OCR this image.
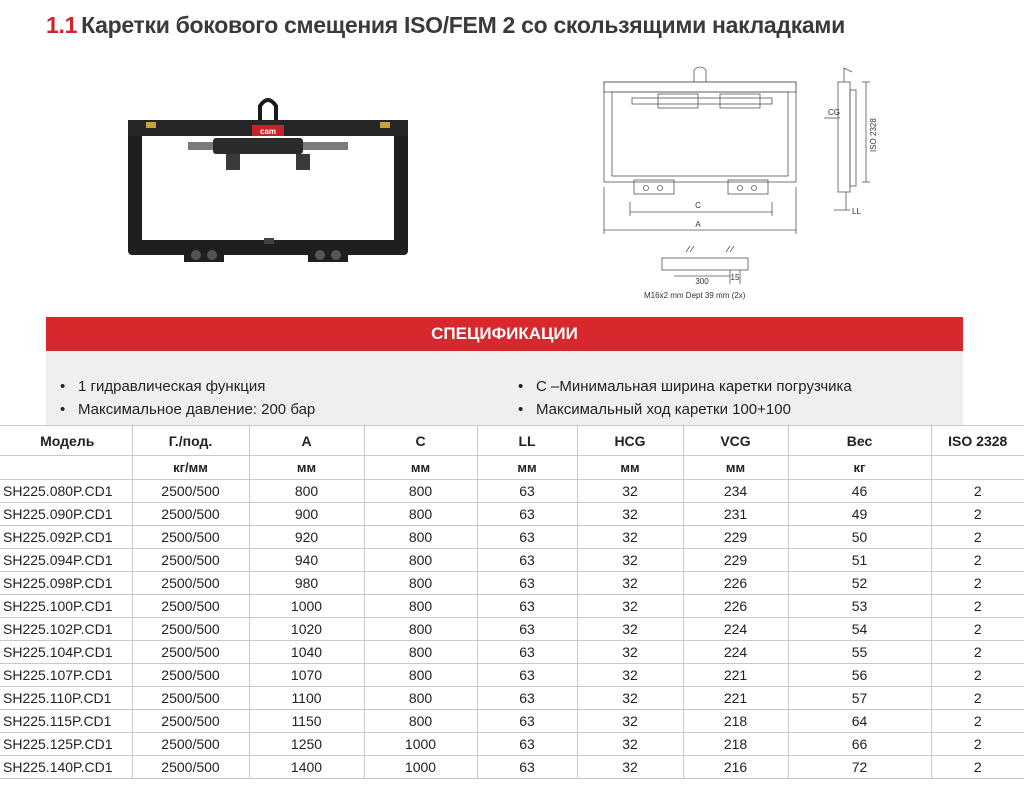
1.1 Каретки бокового смещения ISO/FEM 2 со скользящими накладками
cam
C
A
CG
ISO 2328
LL
300	15
M16x2 mm Dept 39 mm (2x)
СПЕЦИФИКАЦИИ
• 1 гидравлическая функция
• Максимальное давление: 200 бар
• C –Минимальная ширина каретки погрузчика
• Максимальный ход каретки 100+100
Модель	Г./под.	A	C	LL	HCG	VCG	Вес	ISO 2328
	кг/мм	мм	мм	мм	мм	мм	кг	
SH225.080P.CD1	2500/500	800	800	63	32	234	46	2
SH225.090P.CD1	2500/500	900	800	63	32	231	49	2
SH225.092P.CD1	2500/500	920	800	63	32	229	50	2
SH225.094P.CD1	2500/500	940	800	63	32	229	51	2
SH225.098P.CD1	2500/500	980	800	63	32	226	52	2
SH225.100P.CD1	2500/500	1000	800	63	32	226	53	2
SH225.102P.CD1	2500/500	1020	800	63	32	224	54	2
SH225.104P.CD1	2500/500	1040	800	63	32	224	55	2
SH225.107P.CD1	2500/500	1070	800	63	32	221	56	2
SH225.110P.CD1	2500/500	1100	800	63	32	221	57	2
SH225.115P.CD1	2500/500	1150	800	63	32	218	64	2
SH225.125P.CD1	2500/500	1250	1000	63	32	218	66	2
SH225.140P.CD1	2500/500	1400	1000	63	32	216	72	2
